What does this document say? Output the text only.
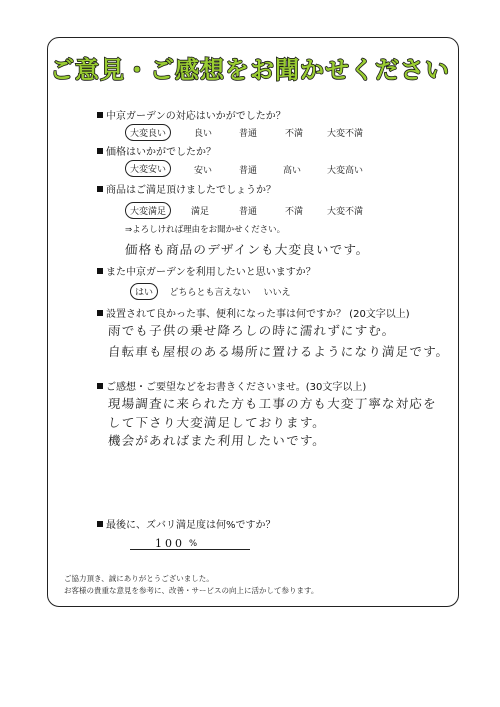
ご意見・ご感想をお聞かせください
中京ガーデンの対応はいかがでしたか？
大変良い	良い	普通	不満	大変不満
価格はいかがでしたか？
大変安い	安い	普通	高い	大変高い
商品はご満足頂けましたでしょうか？
大変満足	満足	普通	不満	大変不満
⇒よろしければ理由をお聞かせください。
価格も商品のデザインも大変良いです。
また中京ガーデンを利用したいと思いますか？
はい	どちらとも言えない いいえ
設置されて良かった事、便利になった事は何ですか？ (20文字以上)
雨でも子供の乗せ降ろしの時に濡れずにすむ。
自転車も屋根のある場所に置けるようになり満足です。
ご感想・ご要望などをお書きくださいませ。(30文字以上)
現場調査に来られた方も工事の方も大変丁寧な対応を
して下さり大変満足しております。
機会があればまた利用したいです。
最後に、ズバリ満足度は何%ですか？
100 %
ご協力頂き、誠にありがとうございました。
お客様の貴重な意見を参考に、改善・サービスの向上に活かして参ります。
